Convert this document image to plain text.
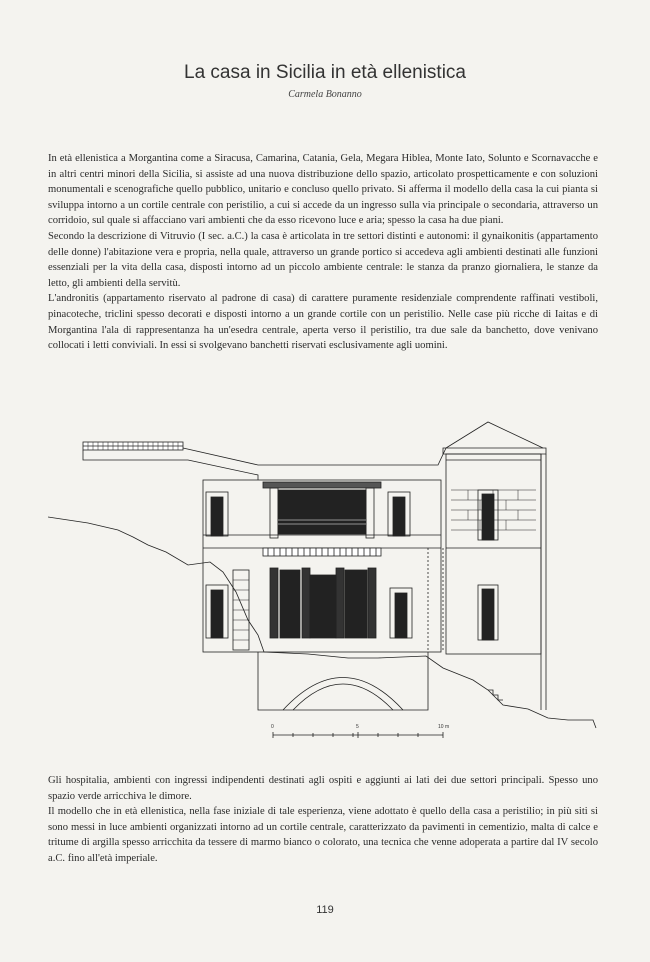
La casa in Sicilia in età ellenistica
Carmela Bonanno

In età ellenistica a Morgantina come a Siracusa, Camarina, Catania, Gela, Megara Hiblea, Monte Iato, Solunto e Scornavacche e in altri centri minori della Sicilia, si assiste ad una nuova distribuzione dello spazio, articolato prospetticamente e con soluzioni monumentali e scenografiche quello pubblico, unitario e concluso quello privato. Si afferma il modello della casa la cui pianta si sviluppa intorno a un cortile centrale con peristilio, a cui si accede da un ingresso sulla via principale o secondaria, attraverso un corridoio, sul quale si affacciano vari ambienti che da esso ricevono luce e aria; spesso la casa ha due piani.

Secondo la descrizione di Vitruvio (I sec. a.C.) la casa è articolata in tre settori distinti e autonomi: il gynaikonitis (appartamento delle donne) l'abitazione vera e propria, nella quale, attraverso un grande portico si accedeva agli ambienti destinati alle funzioni essenziali per la vita della casa, disposti intorno ad un piccolo ambiente centrale: le stanza da pranzo giornaliera, le stanze da letto, gli ambienti della servitù.

L'andronitis (appartamento riservato al padrone di casa) di carattere puramente residenziale comprendente raffinati vestiboli, pinacoteche, triclini spesso decorati e disposti intorno a un grande cortile con un peristilio. Nelle case più ricche di Iaitas e di Morgantina l'ala di rappresentanza ha un'esedra centrale, aperta verso il peristilio, tra due sale da banchetto, dove venivano collocati i letti conviviali. In essi si svolgevano banchetti riservati esclusivamente agli uomini.

0	5	10 m

Gli hospitalia, ambienti con ingressi indipendenti destinati agli ospiti e aggiunti ai lati dei due settori principali. Spesso uno spazio verde arricchiva le dimore.

Il modello che in età ellenistica, nella fase iniziale di tale esperienza, viene adottato è quello della casa a peristilio; in più siti si sono messi in luce ambienti organizzati intorno ad un cortile centrale, caratterizzato da pavimenti in cementizio, malta di calce e tritume di argilla spesso arricchita da tessere di marmo bianco o colorato, una tecnica che venne adoperata a partire dal IV secolo a.C. fino all'età imperiale.

119
